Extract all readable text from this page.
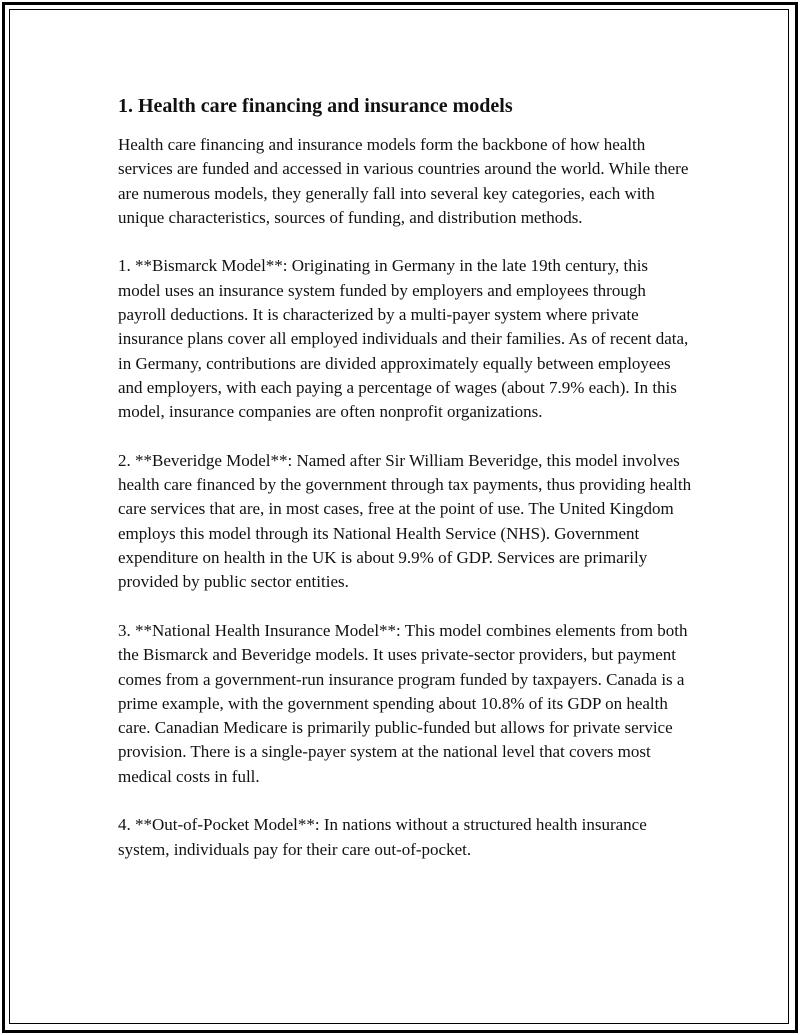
1. Health care financing and insurance models

Health care financing and insurance models form the backbone of how health services are funded and accessed in various countries around the world. While there are numerous models, they generally fall into several key categories, each with unique characteristics, sources of funding, and distribution methods.

1. **Bismarck Model**: Originating in Germany in the late 19th century, this model uses an insurance system funded by employers and employees through payroll deductions. It is characterized by a multi-payer system where private insurance plans cover all employed individuals and their families. As of recent data, in Germany, contributions are divided approximately equally between employees and employers, with each paying a percentage of wages (about 7.9% each). In this model, insurance companies are often nonprofit organizations.

2. **Beveridge Model**: Named after Sir William Beveridge, this model involves health care financed by the government through tax payments, thus providing health care services that are, in most cases, free at the point of use. The United Kingdom employs this model through its National Health Service (NHS). Government expenditure on health in the UK is about 9.9% of GDP. Services are primarily provided by public sector entities.

3. **National Health Insurance Model**: This model combines elements from both the Bismarck and Beveridge models. It uses private-sector providers, but payment comes from a government-run insurance program funded by taxpayers. Canada is a prime example, with the government spending about 10.8% of its GDP on health care. Canadian Medicare is primarily public-funded but allows for private service provision. There is a single-payer system at the national level that covers most medical costs in full.

4. **Out-of-Pocket Model**: In nations without a structured health insurance system, individuals pay for their care out-of-pocket.
